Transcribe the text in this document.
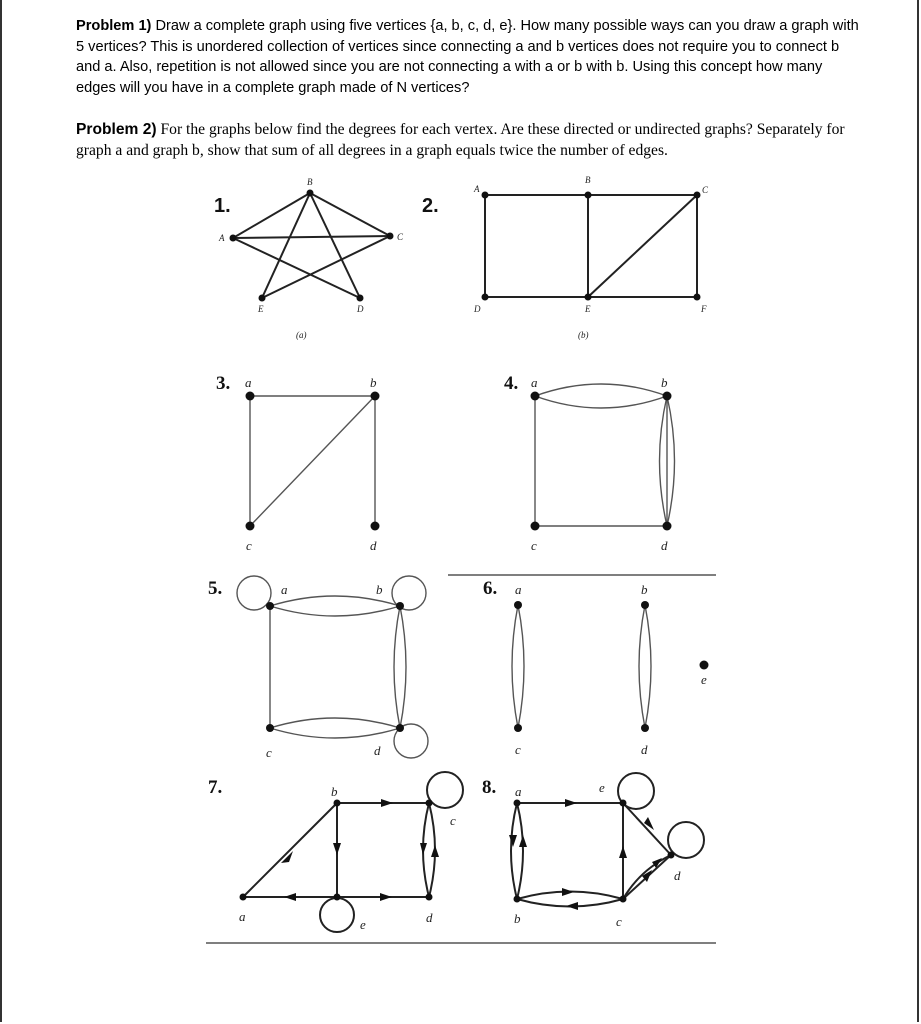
Problem 1) Draw a complete graph using five vertices {a, b, c, d, e}. How many possible ways can you draw a graph with 5 vertices? This is unordered collection of vertices since connecting a and b vertices does not require you to connect b and a. Also, repetition is not allowed since you are not connecting a with a or b with b. Using this concept how many edges will you have in a complete graph made of N vertices?
Problem 2) For the graphs below find the degrees for each vertex. Are these directed or undirected graphs? Separately for graph a and graph b, show that sum of all degrees in a graph equals twice the number of edges.
1.
B
A	C
D
E
(a)
2.
A
B
C
D	E	F
(b)
3. a	b
c	d
4. a	b
c	d
5.	a	b
c	d
6. a	b
c	d
e
7.
a
b
c
d
e
8. a
b	c
d
e
